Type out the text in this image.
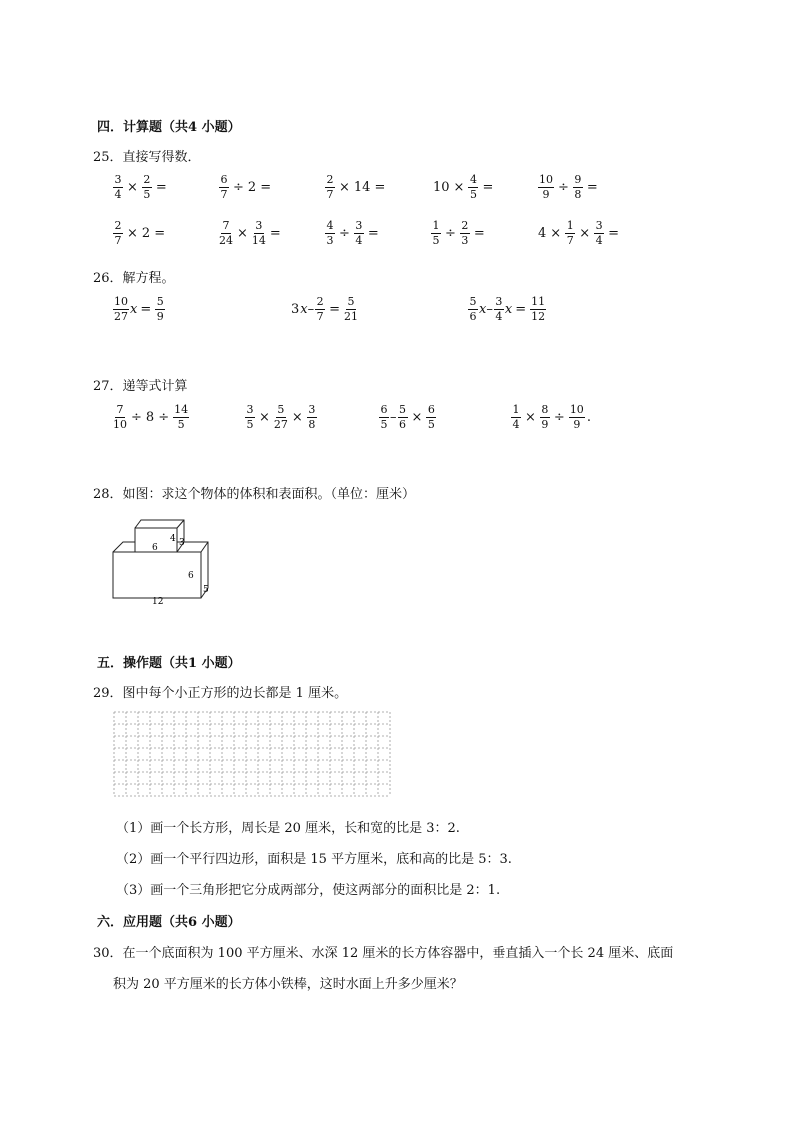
四．计算题（共4 小题）
25．直接写得数．
$\frac{3}{4} \times \frac{2}{5}$ =	$\frac{6}{7} \div 2$ =	$\frac{2}{7} \times 14$ =	$10 \times \frac{4}{5}$ =	$\frac{10}{9} \div \frac{9}{8}$ =
$\frac{2}{7} \times 2$ =	$\frac{7}{24} \times \frac{3}{14}$ =	$\frac{4}{3} \div \frac{3}{4}$ =	$\frac{1}{5} \div \frac{2}{3}$ =	$4 \times \frac{1}{7} \times \frac{3}{4}$ =
26．解方程。
$\frac{10}{27}$ $x = \frac{5}{9}$	3 $x - \frac{2}{7} = \frac{5}{21}$	$\frac{5}{6}$ x – $\frac{3}{4}$ $x = \frac{11}{12}$
27．递等式计算
$\frac{7}{10} \div 8 \div \frac{14}{5}$	$\frac{3}{5} \times \frac{5}{27} \times \frac{3}{8}$	$\frac{6}{5} - \frac{5}{6} \times \frac{6}{5}$	$\frac{1}{4} \times \frac{8}{9} \div \frac{10}{9}$ .
28．如图：求这个物体的体积和表面积。（单位：厘米）
6
4 3
6
5
12
五．操作题（共1 小题）
29．图中每个小正方形的边长都是 1 厘米。
（1）画一个长方形，周长是 20 厘米，长和宽的比是 3：2.
（2）画一个平行四边形，面积是 15 平方厘米，底和高的比是 5：3.
（3）画一个三角形把它分成两部分，使这两部分的面积比是 2：1.
六．应用题（共6 小题）
30．在一个底面积为 100 平方厘米、水深 12 厘米的长方体容器中，垂直插入一个长 24 厘米、底面
积为 20 平方厘米的长方体小铁棒，这时水面上升多少厘米？
